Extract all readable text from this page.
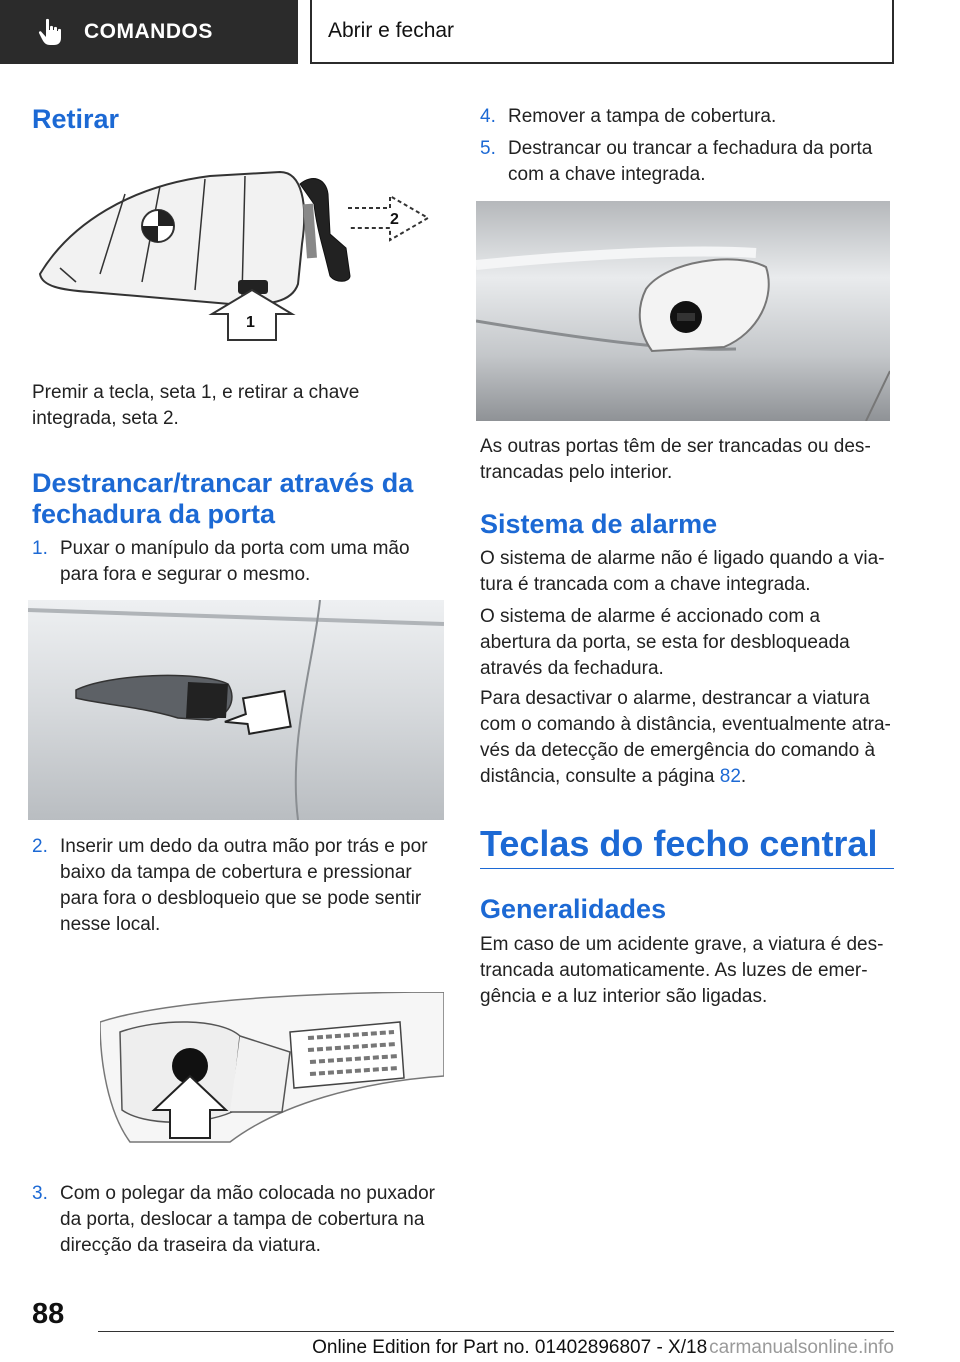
COMANDOS	Abrir e fechar
Retirar
1
2

Premir a tecla, seta 1, e retirar a chave integrada, seta 2.

Destrancar/trancar através da fechadura da porta
1. Puxar o manípulo da porta com uma mão para fora e segurar o mesmo.
2. Inserir um dedo da outra mão por trás e por baixo da tampa de cobertura e pressionar para fora o desbloqueio que se pode sentir nesse local.
3. Com o polegar da mão colocada no puxador da porta, deslocar a tampa de cobertura na direcção da traseira da viatura.
4. Remover a tampa de cobertura.
5. Destrancar ou trancar a fechadura da porta com a chave integrada.

As outras portas têm de ser trancadas ou destrancadas pelo interior.

Sistema de alarme

O sistema de alarme não é ligado quando a viatura é trancada com a chave integrada.

O sistema de alarme é accionado com a abertura da porta, se esta for desbloqueada através da fechadura.

Para desactivar o alarme, destrancar a viatura com o comando à distância, eventualmente através da detecção de emergência do comando à distância, consulte a página 82.

Teclas do fecho central
Generalidades

Em caso de um acidente grave, a viatura é destrancada automaticamente. As luzes de emergência e a luz interior são ligadas.

88
Online Edition for Part no. 01402896807 - X/18 carmanualsonline.info
